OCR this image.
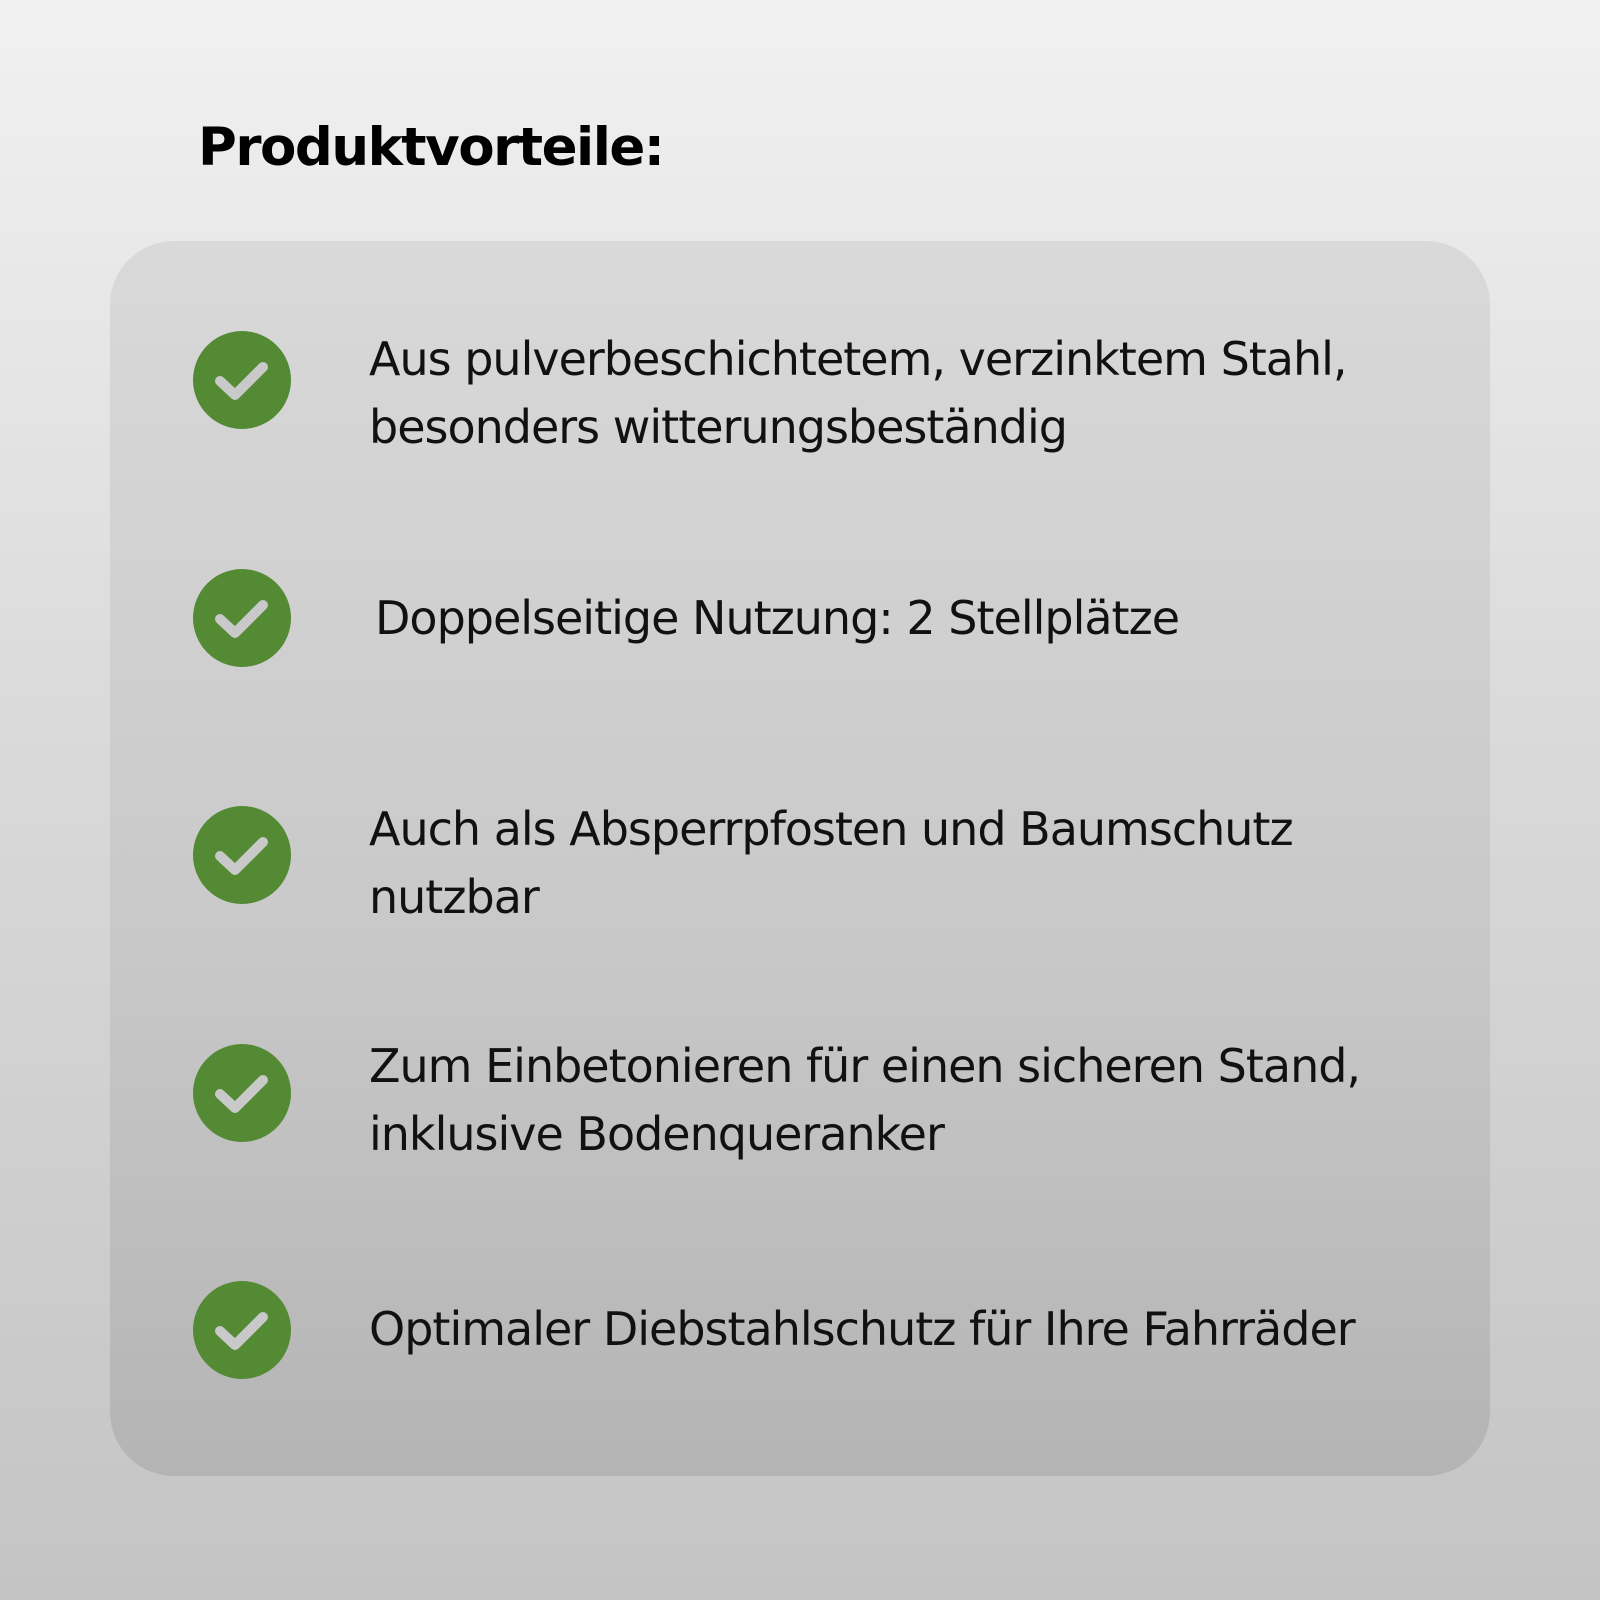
Produktvorteile:
Aus pulverbeschichtetem, verzinktem Stahl, besonders witterungsbeständig
Doppelseitige Nutzung: 2 Stellplätze
Auch als Absperrpfosten und Baumschutz nutzbar
Zum Einbetonieren für einen sicheren Stand, inklusive Bodenqueranker
Optimaler Diebstahlschutz für Ihre Fahrräder
